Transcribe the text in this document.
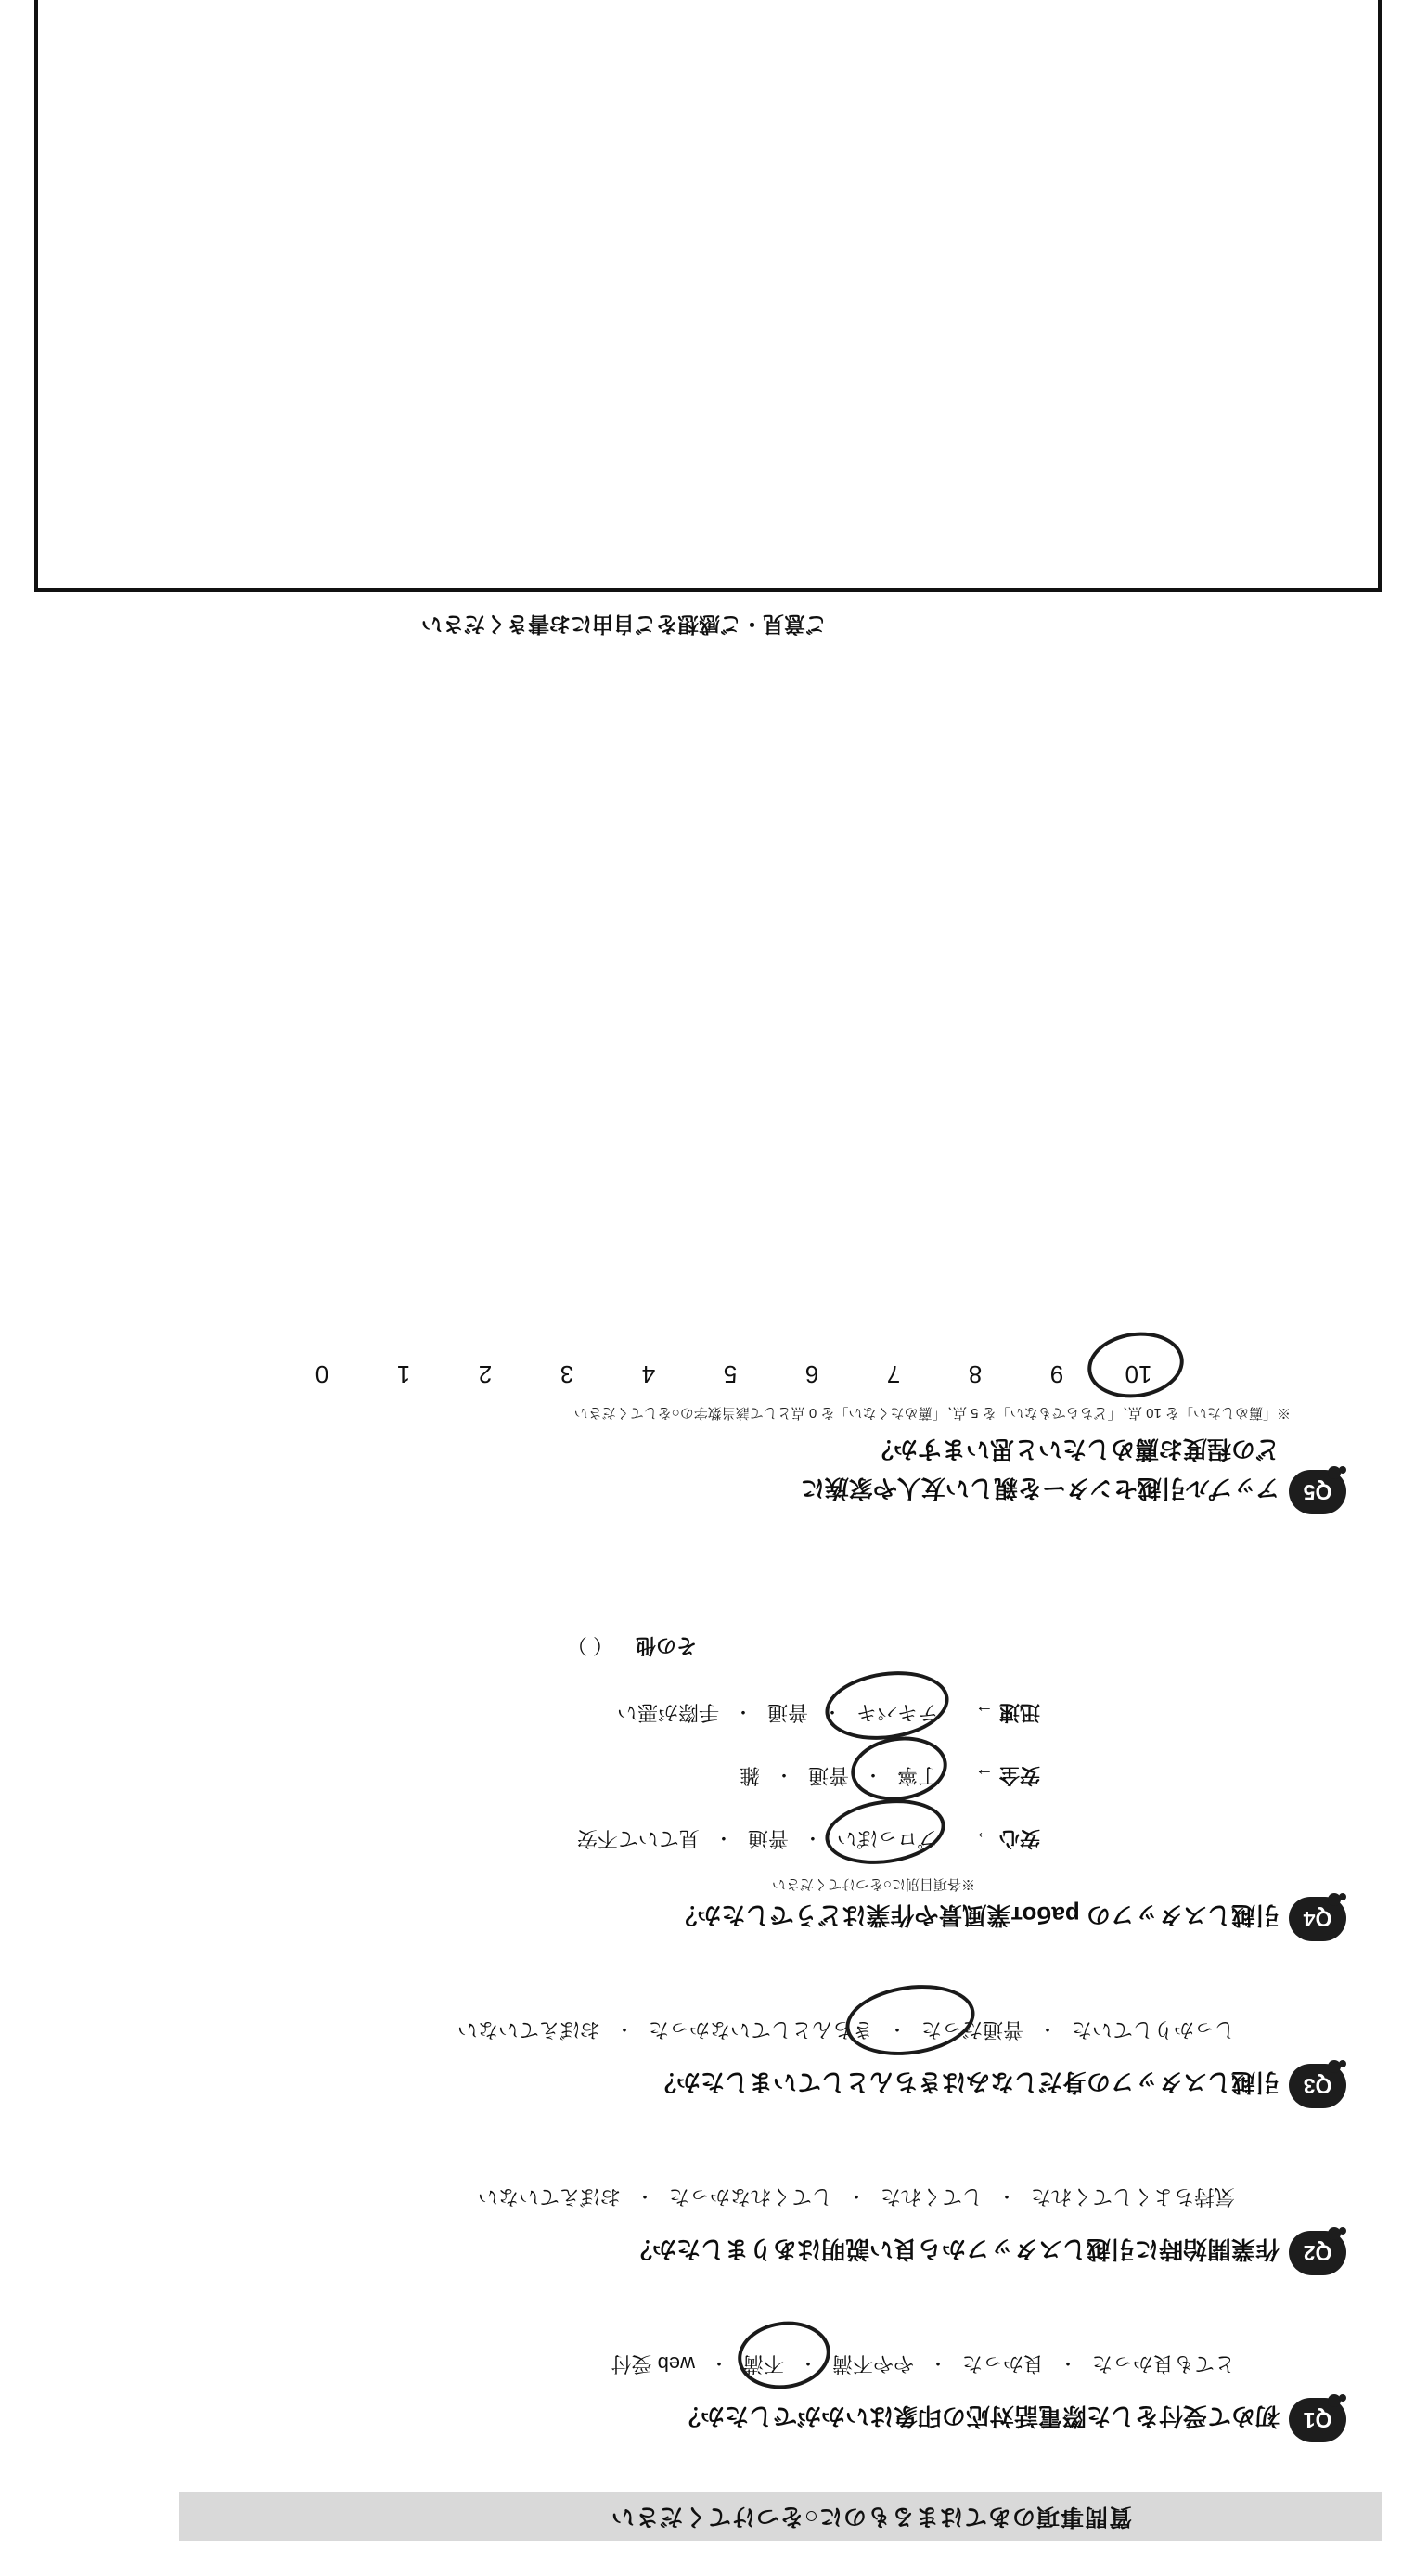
質問事項のあてはまるものに○をつけてください
Q1
初めて受付をした際電話対応の印象はいかがでしたか？
とても良かった・良かった・やや不満・不満・web 受付
Q2
作業開始時に引越しスタッフから良い説明はありましたか？
気持ちよくしてくれた・してくれた・してくれなかった・おぼえていない
Q3
引越しスタッフの身だしなみはきちんとしていましたか？
しっかりしていた・普通だった・きちんとしていなかった・おぼえていない
Q4
引越しスタッフの работ業風景や作業はどうでしたか？
※各項目別に○をつけてください
安心 →
プロっぽい・普通・見ていて不安
安全 →
丁寧・普通・雑
迅速 →
テキパキ・普通・手際が悪い
その他
（ ）
Q5
アップル引越センターを親しい友人や家族に
どの程度お薦めしたいと思いますか？
※「薦めしたい」を 10 点、「どちらでもない」を 5 点、「薦めたくない」を 0 点として該当数字の○をしてください
109876543210
ご意見・ご感想をご自由にお書きください
